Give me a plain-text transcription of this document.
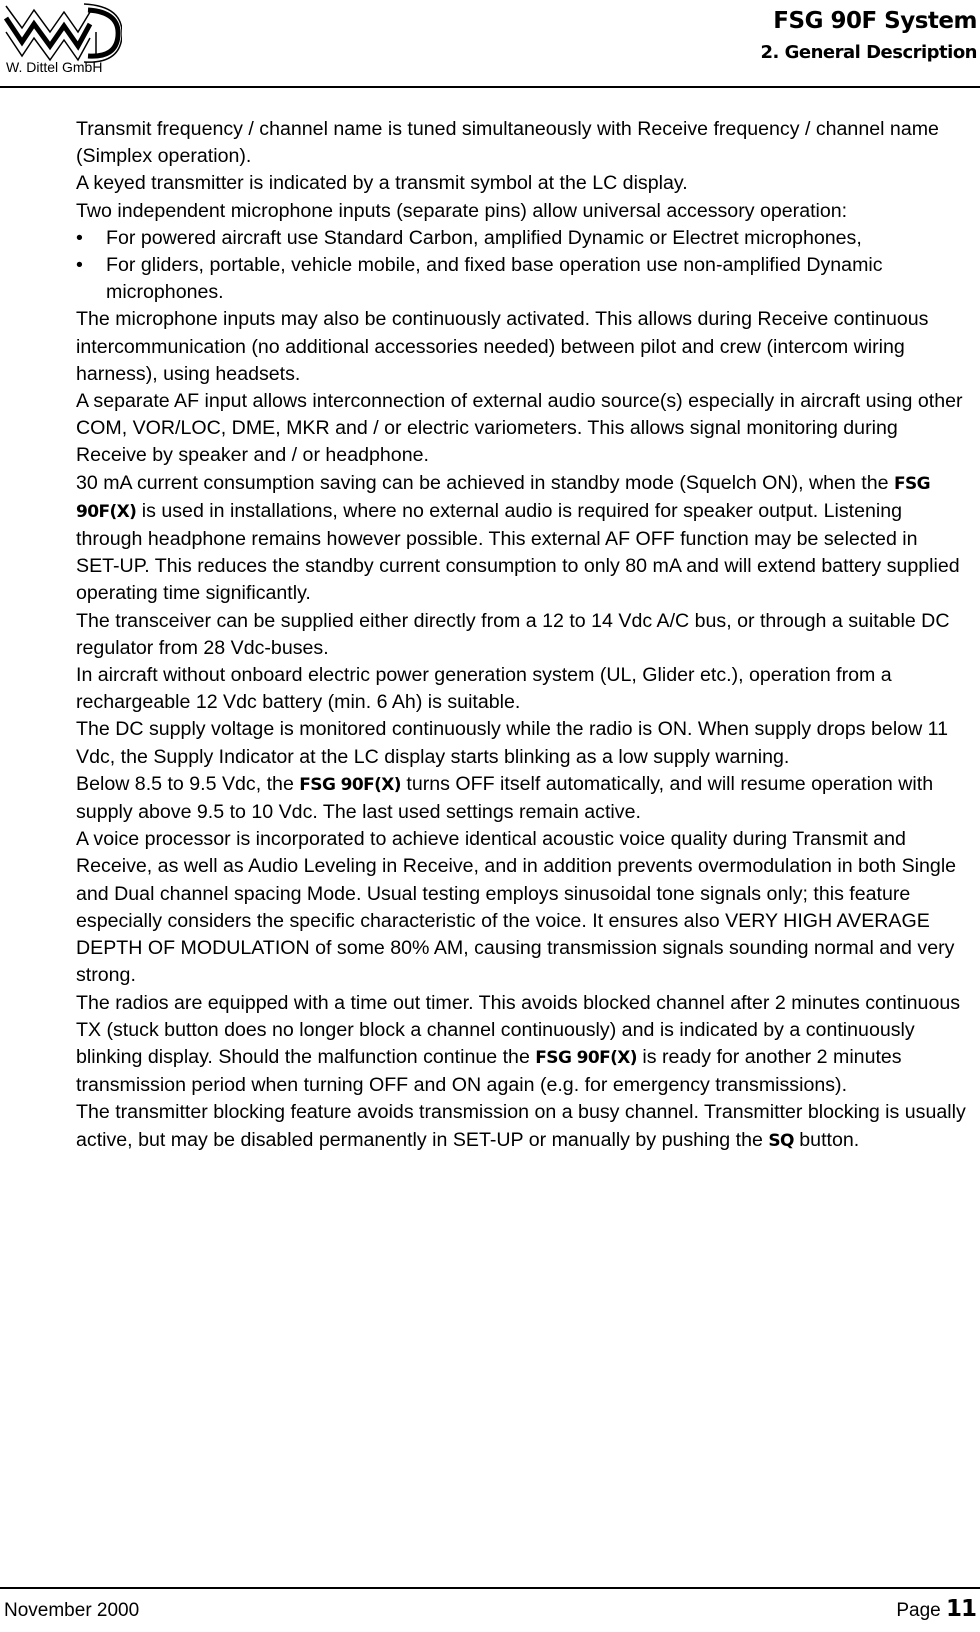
W. Dittel GmbH
FSG 90F System
2. General Description

Transmit frequency / channel name is tuned simultaneously with Receive frequency / channel name (Simplex operation).

A keyed transmitter is indicated by a transmit symbol at the LC display.

Two independent microphone inputs (separate pins) allow universal accessory operation:

• For powered aircraft use Standard Carbon, amplified Dynamic or Electret microphones,

• For gliders, portable, vehicle mobile, and fixed base operation use non-amplified Dynamic microphones.

The microphone inputs may also be continuously activated. This allows during Receive continuous intercommunication (no additional accessories needed) between pilot and crew (intercom wiring harness), using headsets.

A separate AF input allows interconnection of external audio source(s) especially in aircraft using other COM, VOR/LOC, DME, MKR and / or electric variometers. This allows signal monitoring during Receive by speaker and / or headphone.

30 mA current consumption saving can be achieved in standby mode (Squelch ON), when the FSG 90F(X) is used in installations, where no external audio is required for speaker output. Listening through headphone remains however possible. This external AF OFF function may be selected in SET-UP. This reduces the standby current consumption to only 80 mA and will extend battery supplied operating time significantly.

The transceiver can be supplied either directly from a 12 to 14 Vdc A/C bus, or through a suitable DC regulator from 28 Vdc-buses.

In aircraft without onboard electric power generation system (UL, Glider etc.), operation from a rechargeable 12 Vdc battery (min. 6 Ah) is suitable.

The DC supply voltage is monitored continuously while the radio is ON. When supply drops below 11 Vdc, the Supply Indicator at the LC display starts blinking as a low supply warning.

Below 8.5 to 9.5 Vdc, the FSG 90F(X) turns OFF itself automatically, and will resume operation with supply above 9.5 to 10 Vdc. The last used settings remain active.

A voice processor is incorporated to achieve identical acoustic voice quality during Transmit and Receive, as well as Audio Leveling in Receive, and in addition prevents overmodulation in both Single and Dual channel spacing Mode. Usual testing employs sinusoidal tone signals only; this feature especially considers the specific characteristic of the voice. It ensures also VERY HIGH AVERAGE DEPTH OF MODULATION of some 80% AM, causing transmission signals sounding normal and very strong.

The radios are equipped with a time out timer. This avoids blocked channel after 2 minutes continuous TX (stuck button does no longer block a channel continuously) and is indicated by a continuously blinking display. Should the malfunction continue the FSG 90F(X) is ready for another 2 minutes transmission period when turning OFF and ON again (e.g. for emergency transmissions).

The transmitter blocking feature avoids transmission on a busy channel. Transmitter blocking is usually active, but may be disabled permanently in SET-UP or manually by pushing the SQ button.

November 2000	Page 11
